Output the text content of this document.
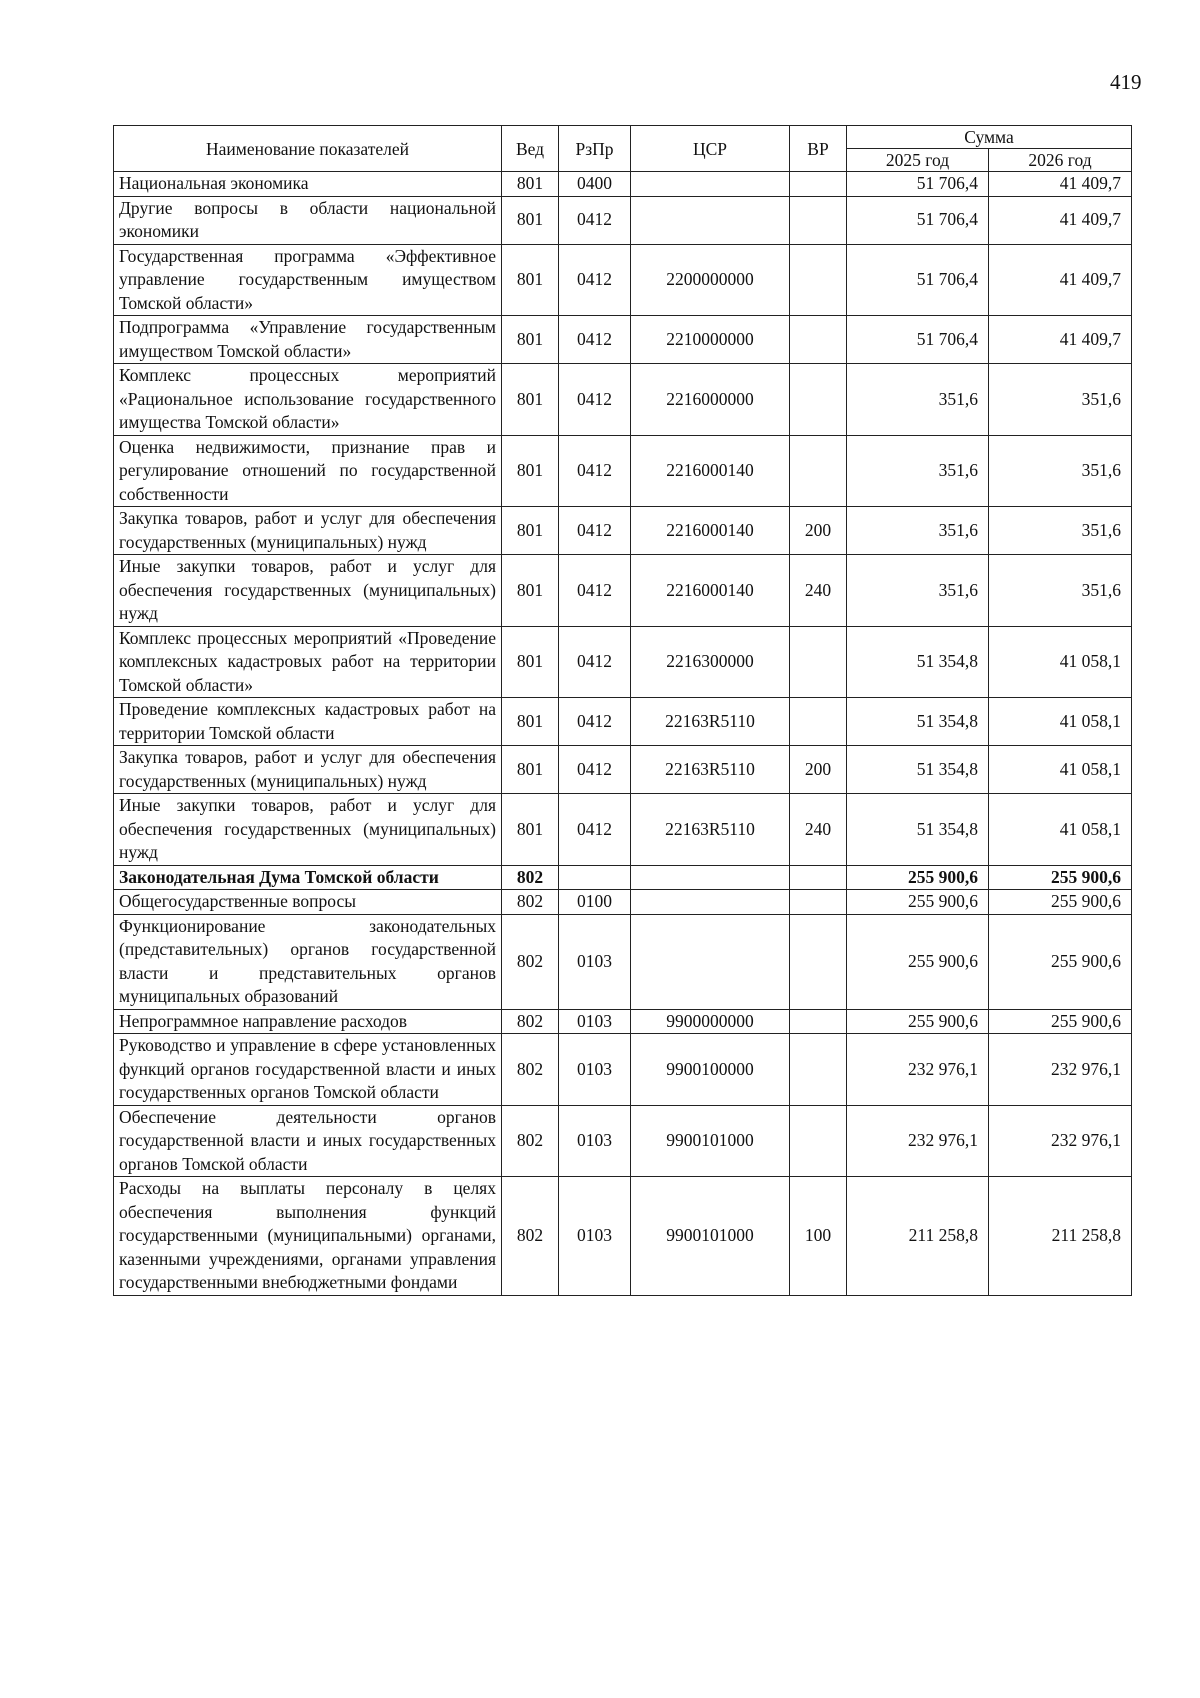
419
Наименование показателей	Вед	РзПр	ЦСР	ВР	Сумма	
					2025 год	2026 год
Национальная экономика	801	0400			51 706,4	41 409,7
Другие вопросы в области национальной экономики	801	0412			51 706,4	41 409,7
Государственная программа «Эффективное управление государственным имуществом Томской области»	801	0412	2200000000		51 706,4	41 409,7
Подпрограмма «Управление государственным имуществом Томской области»	801	0412	2210000000		51 706,4	41 409,7
Комплекс процессных мероприятий «Рациональное использование государственного имущества Томской области»	801	0412	2216000000		351,6	351,6
Оценка недвижимости, признание прав и регулирование отношений по государственной собственности	801	0412	2216000140		351,6	351,6
Закупка товаров, работ и услуг для обеспечения государственных (муниципальных) нужд	801	0412	2216000140	200	351,6	351,6
Иные закупки товаров, работ и услуг для обеспечения государственных (муниципальных) нужд	801	0412	2216000140	240	351,6	351,6
Комплекс процессных мероприятий «Проведение комплексных кадастровых работ на территории Томской области»	801	0412	2216300000		51 354,8	41 058,1
Проведение комплексных кадастровых работ на территории Томской области	801	0412	22163R5110		51 354,8	41 058,1
Закупка товаров, работ и услуг для обеспечения государственных (муниципальных) нужд	801	0412	22163R5110	200	51 354,8	41 058,1
Иные закупки товаров, работ и услуг для обеспечения государственных (муниципальных) нужд	801	0412	22163R5110	240	51 354,8	41 058,1
Законодательная Дума Томской области	802				255 900,6	255 900,6
Общегосударственные вопросы	802	0100			255 900,6	255 900,6
Функционирование законодательных (представительных) органов государственной власти и представительных органов муниципальных образований	802	0103			255 900,6	255 900,6
Непрограммное направление расходов	802	0103	9900000000		255 900,6	255 900,6
Руководство и управление в сфере установленных функций органов государственной власти и иных государственных органов Томской области	802	0103	9900100000		232 976,1	232 976,1
Обеспечение деятельности органов государственной власти и иных государственных органов Томской области	802	0103	9900101000		232 976,1	232 976,1
Расходы на выплаты персоналу в целях обеспечения выполнения функций государственными (муниципальными) органами, казенными учреждениями, органами управления государственными внебюджетными фондами	802	0103	9900101000	100	211 258,8	211 258,8
